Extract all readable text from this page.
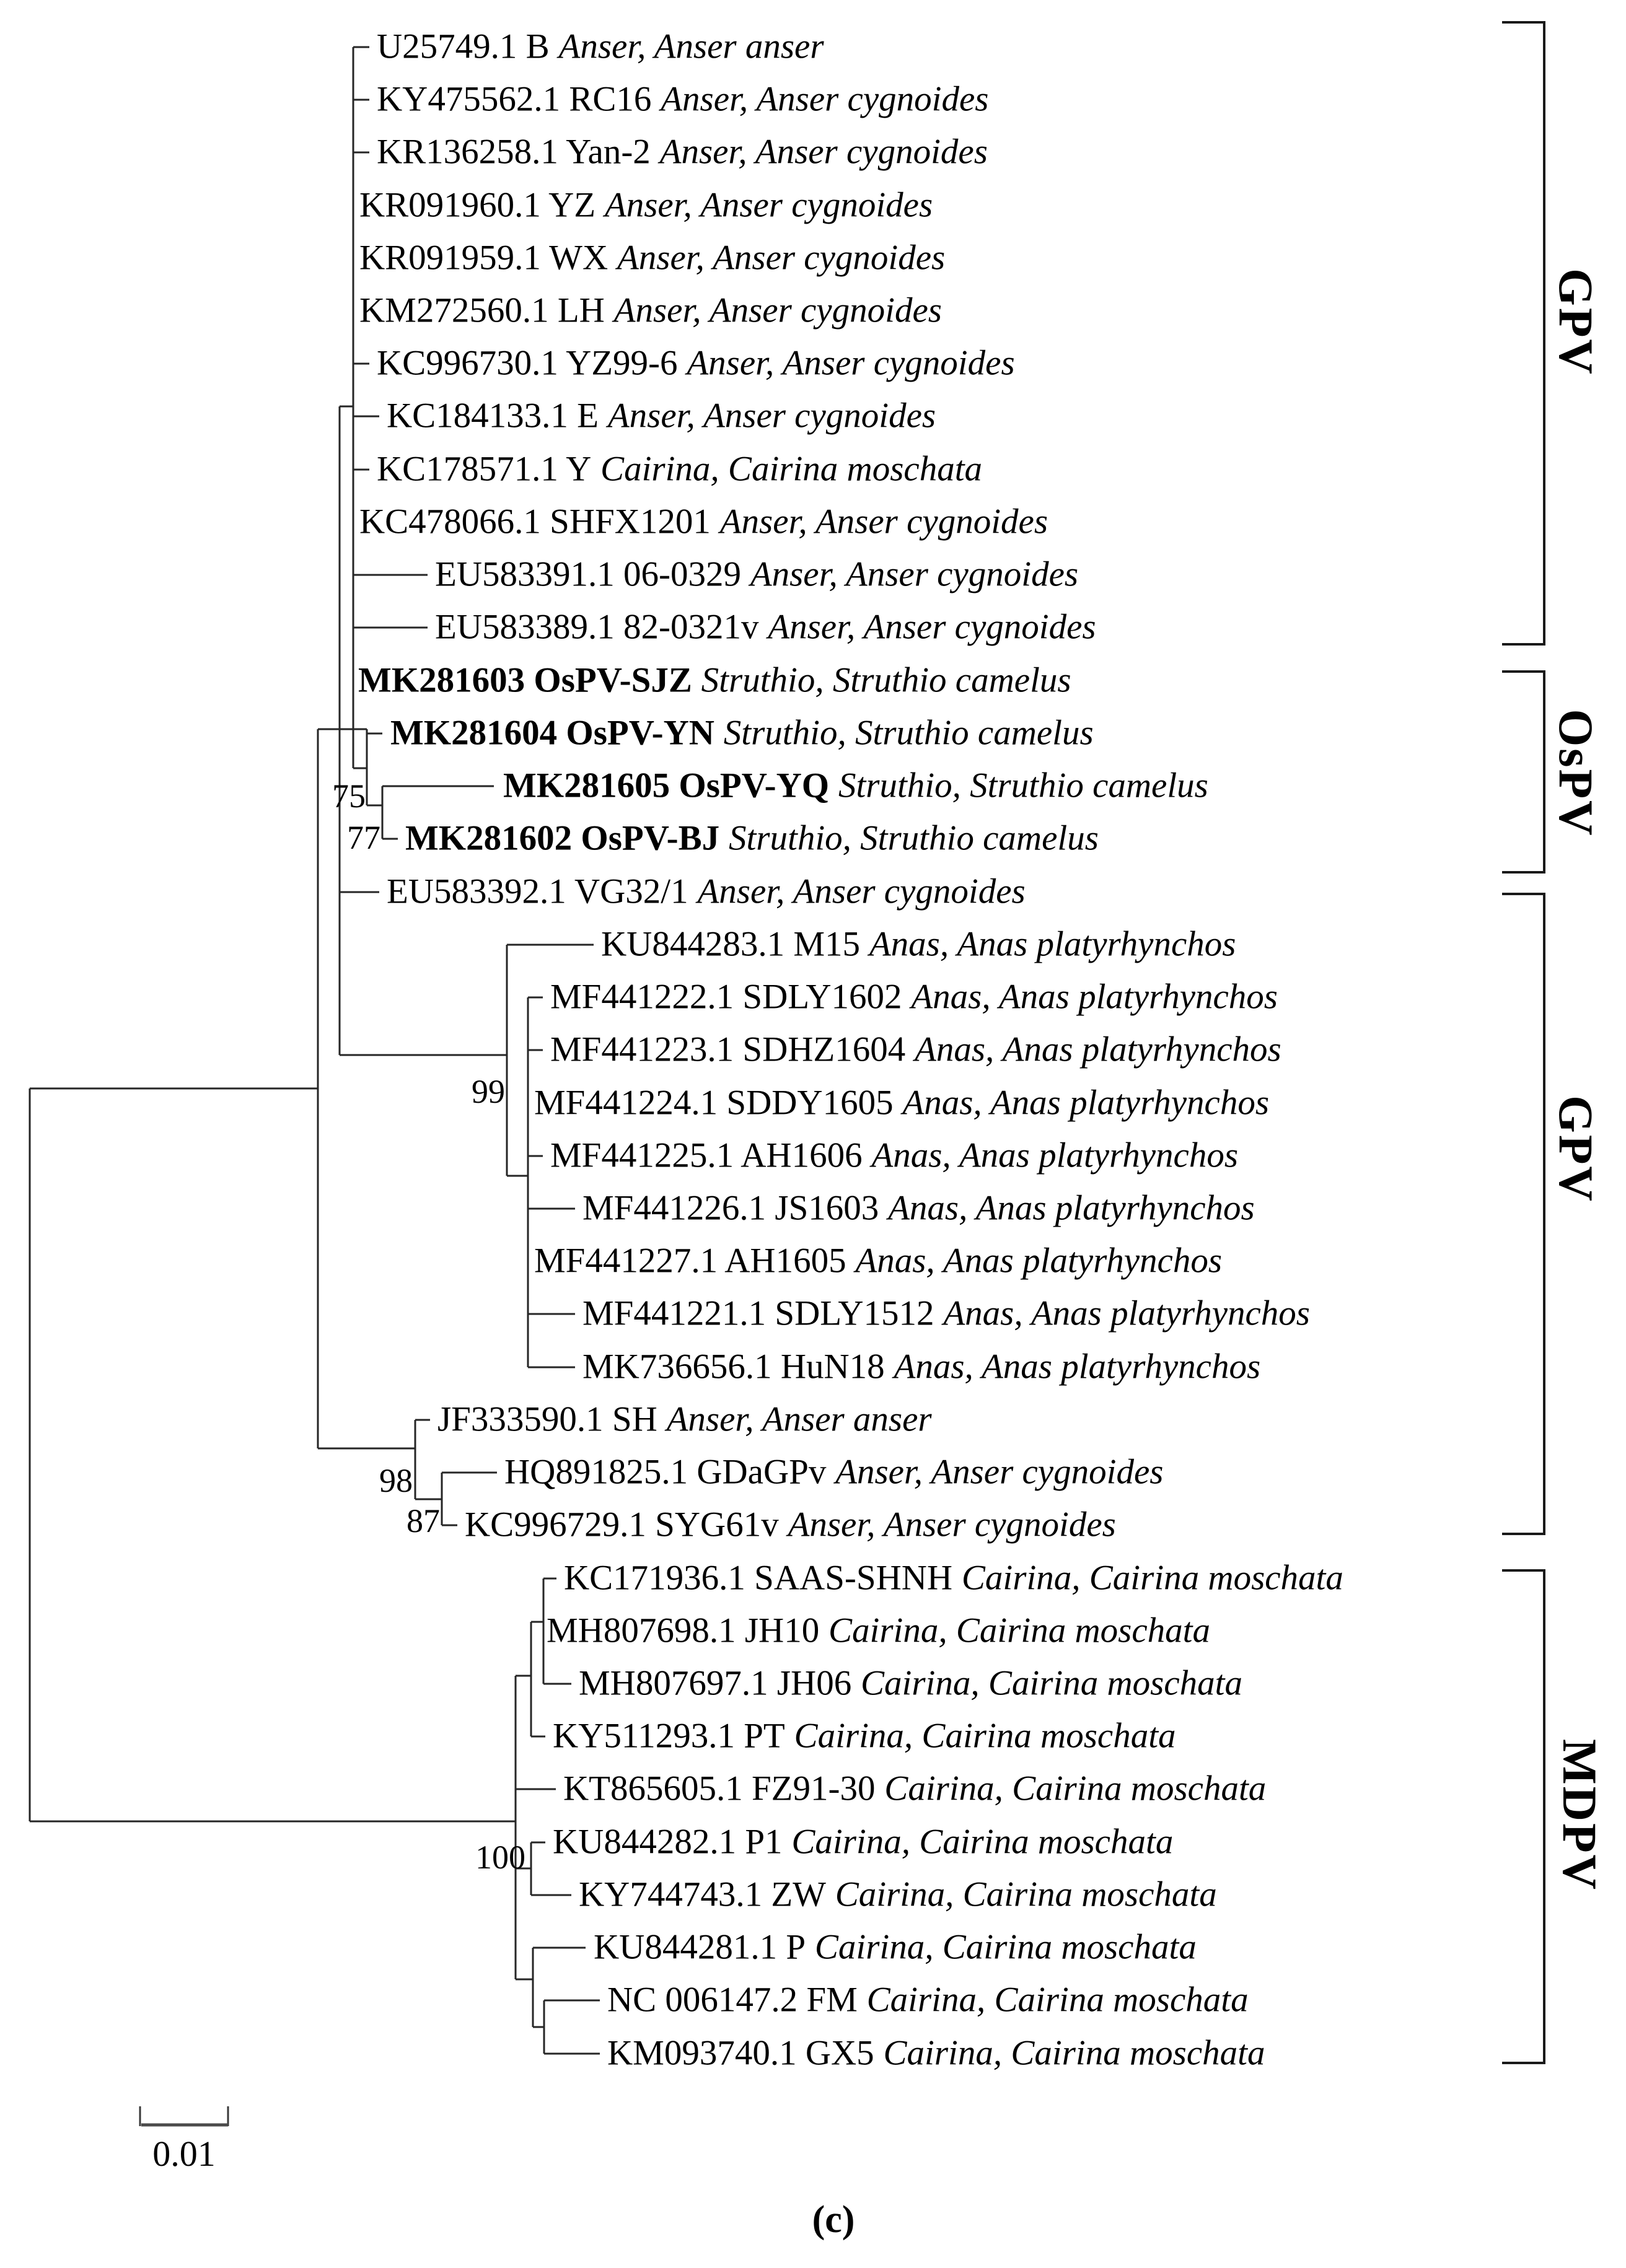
U25749.1 B Anser, Anser anser
KY475562.1 RC16 Anser, Anser cygnoides
KR136258.1 Yan-2 Anser, Anser cygnoides
KR091960.1 YZ Anser, Anser cygnoides
KR091959.1 WX Anser, Anser cygnoides
KM272560.1 LH Anser, Anser cygnoides
KC996730.1 YZ99-6 Anser, Anser cygnoides
KC184133.1 E Anser, Anser cygnoides
KC178571.1 Y Cairina, Cairina moschata
KC478066.1 SHFX1201 Anser, Anser cygnoides
EU583391.1 06-0329 Anser, Anser cygnoides
EU583389.1 82-0321v Anser, Anser cygnoides
MK281603 OsPV-SJZ Struthio, Struthio camelus
MK281604 OsPV-YN Struthio, Struthio camelus
MK281605 OsPV-YQ Struthio, Struthio camelus
MK281602 OsPV-BJ Struthio, Struthio camelus
EU583392.1 VG32/1 Anser, Anser cygnoides
KU844283.1 M15 Anas, Anas platyrhynchos
MF441222.1 SDLY1602 Anas, Anas platyrhynchos
MF441223.1 SDHZ1604 Anas, Anas platyrhynchos
MF441224.1 SDDY1605 Anas, Anas platyrhynchos
MF441225.1 AH1606 Anas, Anas platyrhynchos
MF441226.1 JS1603 Anas, Anas platyrhynchos
MF441227.1 AH1605 Anas, Anas platyrhynchos
MF441221.1 SDLY1512 Anas, Anas platyrhynchos
MK736656.1 HuN18 Anas, Anas platyrhynchos
JF333590.1 SH Anser, Anser anser
HQ891825.1 GDaGPv Anser, Anser cygnoides
KC996729.1 SYG61v Anser, Anser cygnoides
KC171936.1 SAAS-SHNH Cairina, Cairina moschata
MH807698.1 JH10 Cairina, Cairina moschata
MH807697.1 JH06 Cairina, Cairina moschata
KY511293.1 PT Cairina, Cairina moschata
KT865605.1 FZ91-30 Cairina, Cairina moschata
KU844282.1 P1 Cairina, Cairina moschata
KY744743.1 ZW Cairina, Cairina moschata
KU844281.1 P Cairina, Cairina moschata
NC 006147.2 FM Cairina, Cairina moschata
KM093740.1 GX5 Cairina, Cairina moschata
75
77
99
98
87
100
GPV
OsPV
GPV
MDPV
0.01
(c)
